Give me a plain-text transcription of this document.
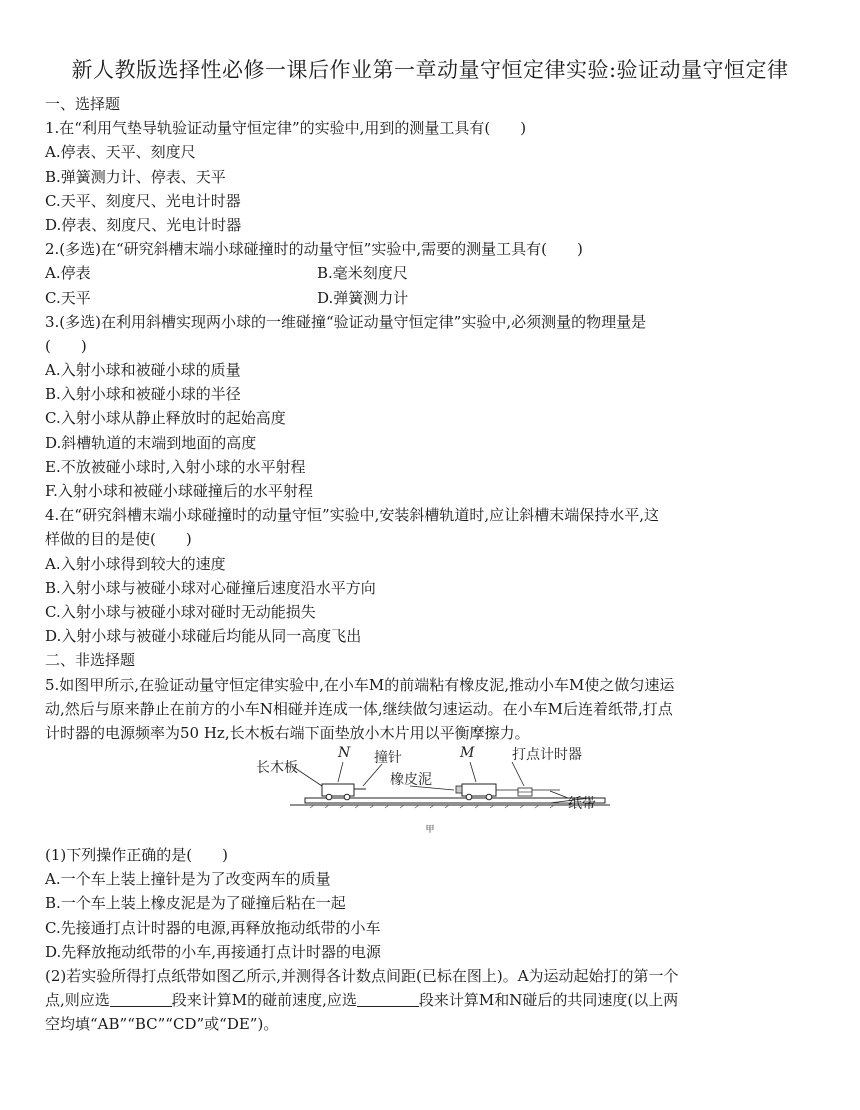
新人教版选择性必修一课后作业第一章动量守恒定律实验:验证动量守恒定律
一、选择题
1.在“利用气垫导轨验证动量守恒定律”的实验中,用到的测量工具有(　　)
A.停表、天平、刻度尺
B.弹簧测力计、停表、天平
C.天平、刻度尺、光电计时器
D.停表、刻度尺、光电计时器
2.(多选)在“研究斜槽末端小球碰撞时的动量守恒”实验中,需要的测量工具有(　　)
A.停表	B.毫米刻度尺
C.天平	D.弹簧测力计
3.(多选)在利用斜槽实现两小球的一维碰撞“验证动量守恒定律”实验中,必须测量的物理量是
(　　)
A.入射小球和被碰小球的质量
B.入射小球和被碰小球的半径
C.入射小球从静止释放时的起始高度
D.斜槽轨道的末端到地面的高度
E.不放被碰小球时,入射小球的水平射程
F.入射小球和被碰小球碰撞后的水平射程
4.在“研究斜槽末端小球碰撞时的动量守恒”实验中,安装斜槽轨道时,应让斜槽末端保持水平,这
样做的目的是使(　　)
A.入射小球得到较大的速度
B.入射小球与被碰小球对心碰撞后速度沿水平方向
C.入射小球与被碰小球对碰时无动能损失
D.入射小球与被碰小球碰后均能从同一高度飞出
二、非选择题
5.如图甲所示,在验证动量守恒定律实验中,在小车M的前端粘有橡皮泥,推动小车M使之做匀速运
动,然后与原来静止在前方的小车N相碰并连成一体,继续做匀速运动。在小车M后连着纸带,打点
计时器的电源频率为50 Hz,长木板右端下面垫放小木片用以平衡摩擦力。
长木板
N 撞针
橡皮泥
M	打点计时器
纸带
甲
(1)下列操作正确的是(　　)
A.一个车上装上撞针是为了改变两车的质量
B.一个车上装上橡皮泥是为了碰撞后粘在一起
C.先接通打点计时器的电源,再释放拖动纸带的小车
D.先释放拖动纸带的小车,再接通打点计时器的电源
(2)若实验所得打点纸带如图乙所示,并测得各计数点间距(已标在图上)。A为运动起始打的第一个
点,则应选	段来计算M的碰前速度,应选	段来计算M和N碰后的共同速度(以上两
空均填“AB”“BC”“CD”或“DE”)。
